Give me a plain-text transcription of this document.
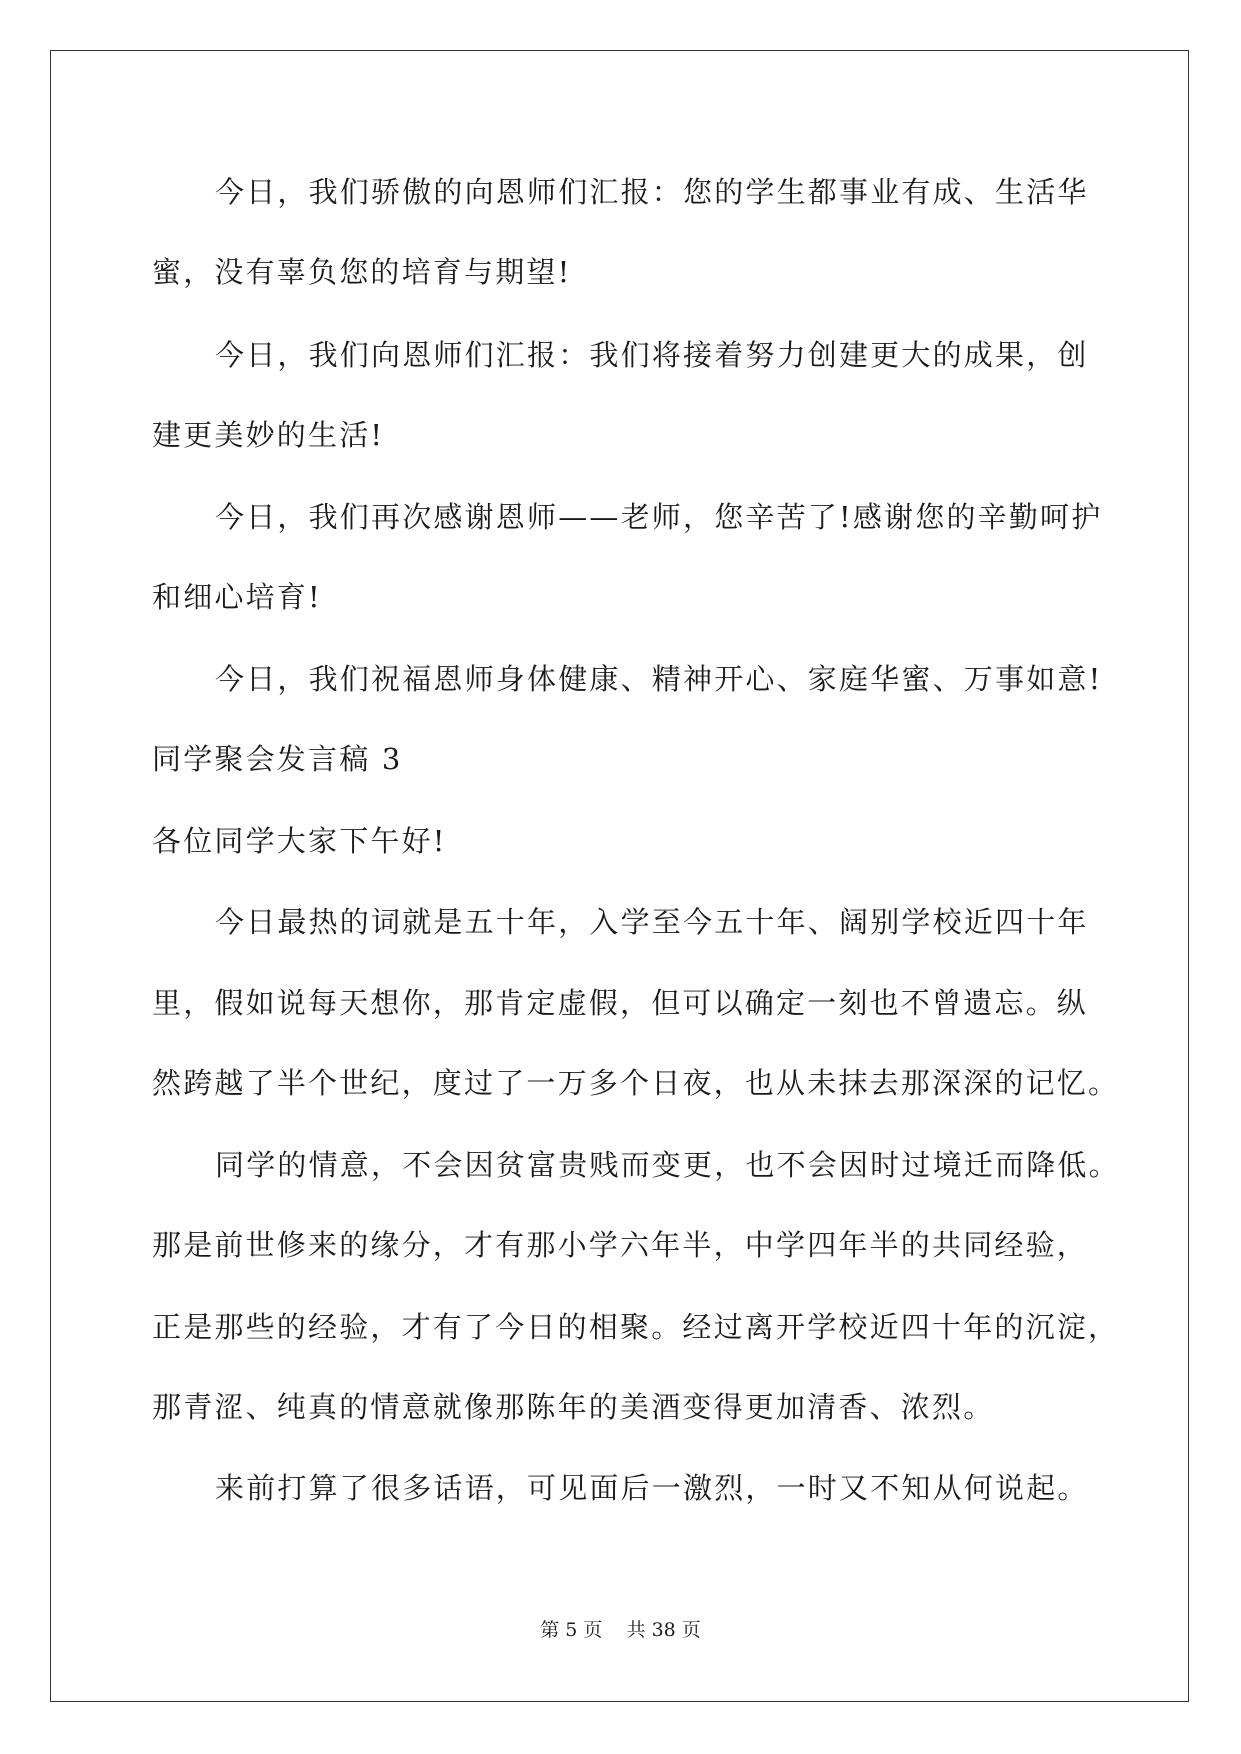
今日，我们骄傲的向恩师们汇报：您的学生都事业有成、生活华
蜜，没有辜负您的培育与期望!
今日，我们向恩师们汇报：我们将接着努力创建更大的成果，创
建更美妙的生活!
今日，我们再次感谢恩师——老师，您辛苦了!感谢您的辛勤呵护
和细心培育!
今日，我们祝福恩师身体健康、精神开心、家庭华蜜、万事如意!
同学聚会发言稿 3
各位同学大家下午好!
今日最热的词就是五十年，入学至今五十年、阔别学校近四十年
里，假如说每天想你，那肯定虚假，但可以确定一刻也不曾遗忘。纵
然跨越了半个世纪，度过了一万多个日夜，也从未抹去那深深的记忆。
同学的情意，不会因贫富贵贱而变更，也不会因时过境迁而降低。
那是前世修来的缘分，才有那小学六年半，中学四年半的共同经验，
正是那些的经验，才有了今日的相聚。经过离开学校近四十年的沉淀，
那青涩、纯真的情意就像那陈年的美酒变得更加清香、浓烈。
来前打算了很多话语，可见面后一激烈，一时又不知从何说起。
第 5 页 共 38 页
